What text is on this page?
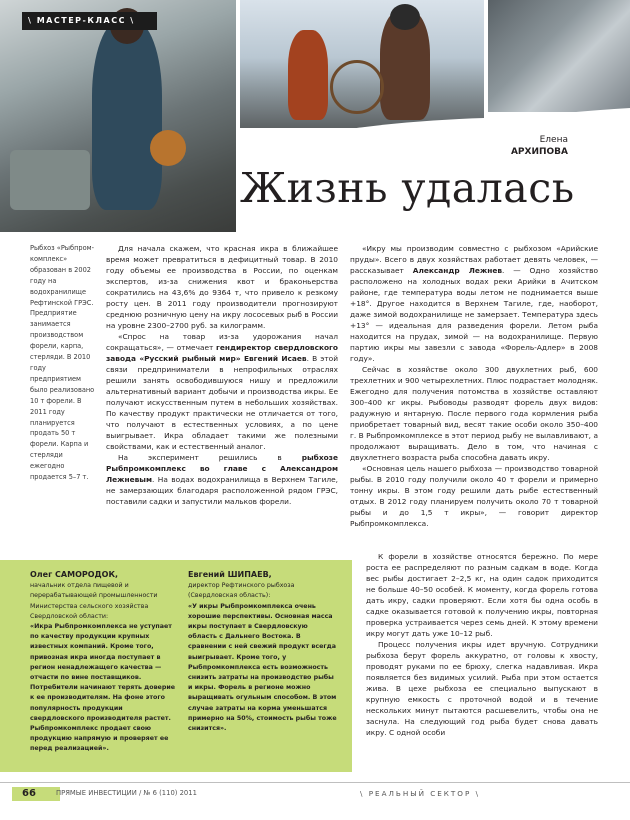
\ МАСТЕР-КЛАСС \
Елена
АРХИПОВА
Жизнь удалась
Рыбхоз «Рыбпром-комплекс» образован в 2002 году на водохранилище Рефтинской ГРЭС. Предприятие занимается производством форели, карпа, стерляди. В 2010 году предприятием было реализовано 10 т форели. В 2011 году планируется продать 50 т форели. Карпа и стерляди ежегодно продается 5–7 т.

Для начала скажем, что красная икра в ближайшее время может превратиться в дефицитный товар. В 2010 году объемы ее производства в России, по оценкам экспертов, из-за снижения квот и браконьерства сократились на 43,6% до 9364 т, что привело к резкому росту цен. В 2011 году производители прогнозируют среднюю розничную цену на икру лососевых рыб в России на уровне 2300–2700 руб. за килограмм.

«Спрос на товар из-за удорожания начал сокращаться», — отмечает гендиректор свердловского завода «Русский рыбный мир» Евгений Исаев. В этой связи предприниматели в непрофильных отраслях решили занять освободившуюся нишу и предложили альтернативный вариант добычи и производства икры. Ее получают искусственным путем в небольших хозяйствах. По качеству продукт практически не отличается от того, что получают в естественных условиях, а по цене выигрывает. Икра обладает такими же полезными свойствами, как и естественный аналог.

На эксперимент решились в рыбхозе Рыбпромкомплекс во главе с Александром Лежневым. На водах водохранилища в Верхнем Тагиле, не замерзающих благодаря расположенной рядом ГРЭС, поставили садки и запустили мальков форели.

«Икру мы производим совместно с рыбхозом «Арийские пруды». Всего в двух хозяйствах работает девять человек, — рассказывает Александр Лежнев. — Одно хозяйство расположено на холодных водах реки Арийки в Ачитском районе, где температура воды летом не поднимается выше +18°. Другое находится в Верхнем Тагиле, где, наоборот, даже зимой водохранилище не замерзает. Температура здесь +13° — идеальная для разведения форели. Летом рыба находится на прудах, зимой — на водохранилище. Первую партию икры мы завезли с завода «Форель-Адлер» в 2008 году».

Сейчас в хозяйстве около 300 двухлетних рыб, 600 трехлетних и 900 четырехлетних. Плюс подрастает молодняк. Ежегодно для получения потомства в хозяйстве оставляют 300–400 кг икры. Рыбоводы разводят форель двух видов: радужную и янтарную. После первого года кормления рыба приобретает товарный вид, весят такие особи около 350–400 г. В Рыбпромкомплексе в этот период рыбу не вылавливают, а продолжают выращивать. Дело в том, что начиная с двухлетнего возраста рыба способна давать икру.

«Основная цель нашего рыбхоза — производство товарной рыбы. В 2010 году получили около 40 т форели и примерно тонну икры. В этом году решили дать рыбе естественный отдых. В 2012 году планируем получить около 70 т товарной рыбы и до 1,5 т икры», — говорит директор Рыбпромкомплекса.

К форели в хозяйстве относятся бережно. По мере роста ее распределяют по разным садкам в воде. Когда вес рыбы достигает 2–2,5 кг, на один садок приходится не больше 40–50 особей. К моменту, когда форель готова дать икру, садки проверяют. Если хотя бы одна особь в садке оказывается готовой к получению икры, повторная проверка устраивается через семь дней. К этому времени икру могут дать уже 10–12 рыб.

Процесс получения икры идет вручную. Сотрудники рыбхоза берут форель аккуратно, от головы к хвосту, проводят руками по ее брюху, слегка надавливая. Икра появляется без видимых усилий. Рыба при этом остается жива. В цехе рыбхоза ее специально выпускают в крупную емкость с проточной водой и в течение нескольких минут пытаются расшевелить, чтобы она не заснула. На следующий год рыба будет снова давать икру. С одной особи

Олег САМОРОДОК,
начальник отдела пищевой и перерабатывающей промышленности Министерства сельского хозяйства Свердловской области:
«Икра Рыбпромкомплекса не уступает по качеству продукции крупных известных компаний. Кроме того, привозная икра иногда поступает в регион ненадлежащего качества — отчасти по вине поставщиков. Потребители начинают терять доверие к ее производителям. На фоне этого популярность продукции свердловского производителя растет. Рыбпромкомплекс продает свою продукцию напрямую и проверяет ее перед реализацией».
Евгений ШИПАЕВ,
директор Рефтинского рыбхоза (Свердловская область):
«У икры Рыбпромкомплекса очень хорошие перспективы. Основная масса икры поступает в Свердловскую область с Дальнего Востока. В сравнении с ней свежий продукт всегда выигрывает. Кроме того, у Рыбпромкомплекса есть возможность снизить затраты на производство рыбы и икры. Форель в регионе можно выращивать огульным способом. В этом случае затраты на корма уменьшатся примерно на 50%, стоимость рыбы тоже снизится».
66	ПРЯМЫЕ ИНВЕСТИЦИИ / № 6 (110) 2011	\ РЕАЛЬНЫЙ СЕКТОР \
